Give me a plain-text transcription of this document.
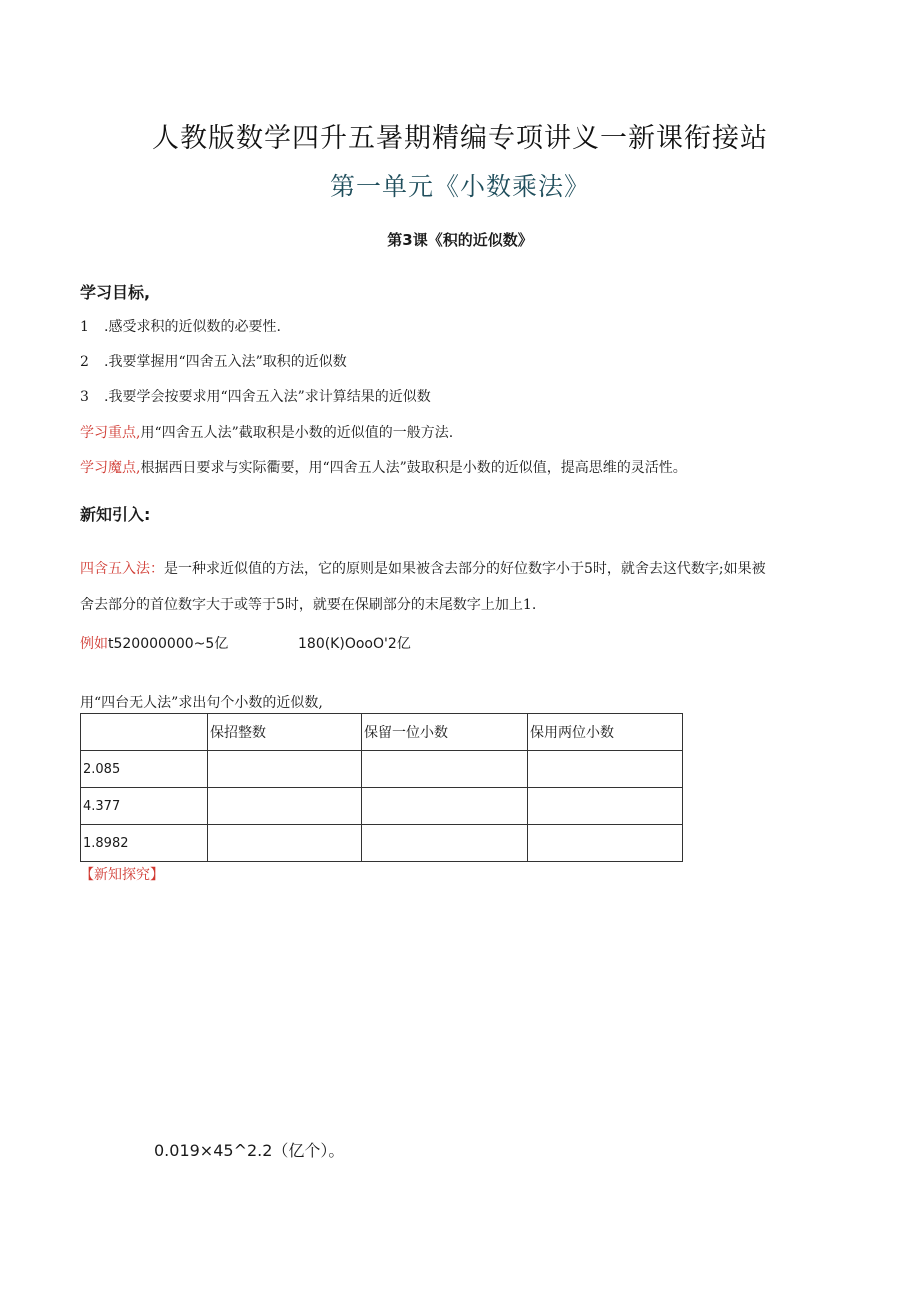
人教版数学四升五暑期精编专项讲义一新课衔接站
第一单元《小数乘法》
第3课《积的近似数》
学习目标,
1 .感受求积的近似数的必要性.
2 .我要掌握用“四舍五入法”取积的近似数
3 .我要学会按要求用“四舍五入法”求计算结果的近似数
学习重点,用“四舍五人法”截取积是小数的近似值的一般方法.
学习魔点,根据西日要求与实际衢要，用“四舍五人法”鼓取积是小数的近似值，提高思维的灵活性。
新知引入:
四含五入法：是一种求近似值的方法，它的原则是如果被含去部分的好位数字小于5时，就舍去这代数字;如果被
舍去部分的首位数字大于或等于5时，就要在保刷部分的末尾数字上加上1.
例如t520000000~5亿	180(K)OooO'2亿
用“四台无人法”求出句个小数的近似数,
	保招整数	保留一位小数	保用两位小数
2.085			
4.377			
1.8982			
【新知探究】
0.019×45^2.2（亿个）。
